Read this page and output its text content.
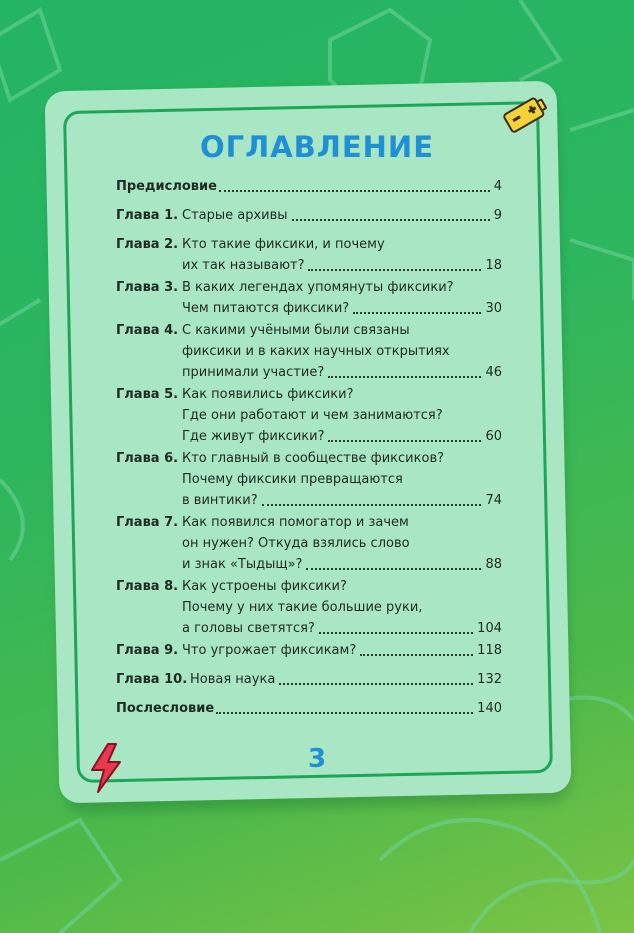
ОГЛАВЛЕНИЕ
Предисловие	4
Глава 1. Старые архивы	9
Глава 2. Кто такие фиксики, и почему
их так называют?	18
Глава 3. В каких легендах упомянуты фиксики?
Чем питаются фиксики?	30
Глава 4. С какими учёными были связаны
фиксики и в каких научных открытиях
принимали участие?	46
Глава 5. Как появились фиксики?
Где они работают и чем занимаются?
Где живут фиксики?	60
Глава 6. Кто главный в сообществе фиксиков?
Почему фиксики превращаются
в винтики?	74
Глава 7. Как появился помогатор и зачем
он нужен? Откуда взялись слово
и знак «Тыдыщ»?	88
Глава 8. Как устроены фиксики?
Почему у них такие большие руки,
а головы светятся?	104
Глава 9. Что угрожает фиксикам?	118
Глава 10. Новая наука	132
Послесловие	140
3
